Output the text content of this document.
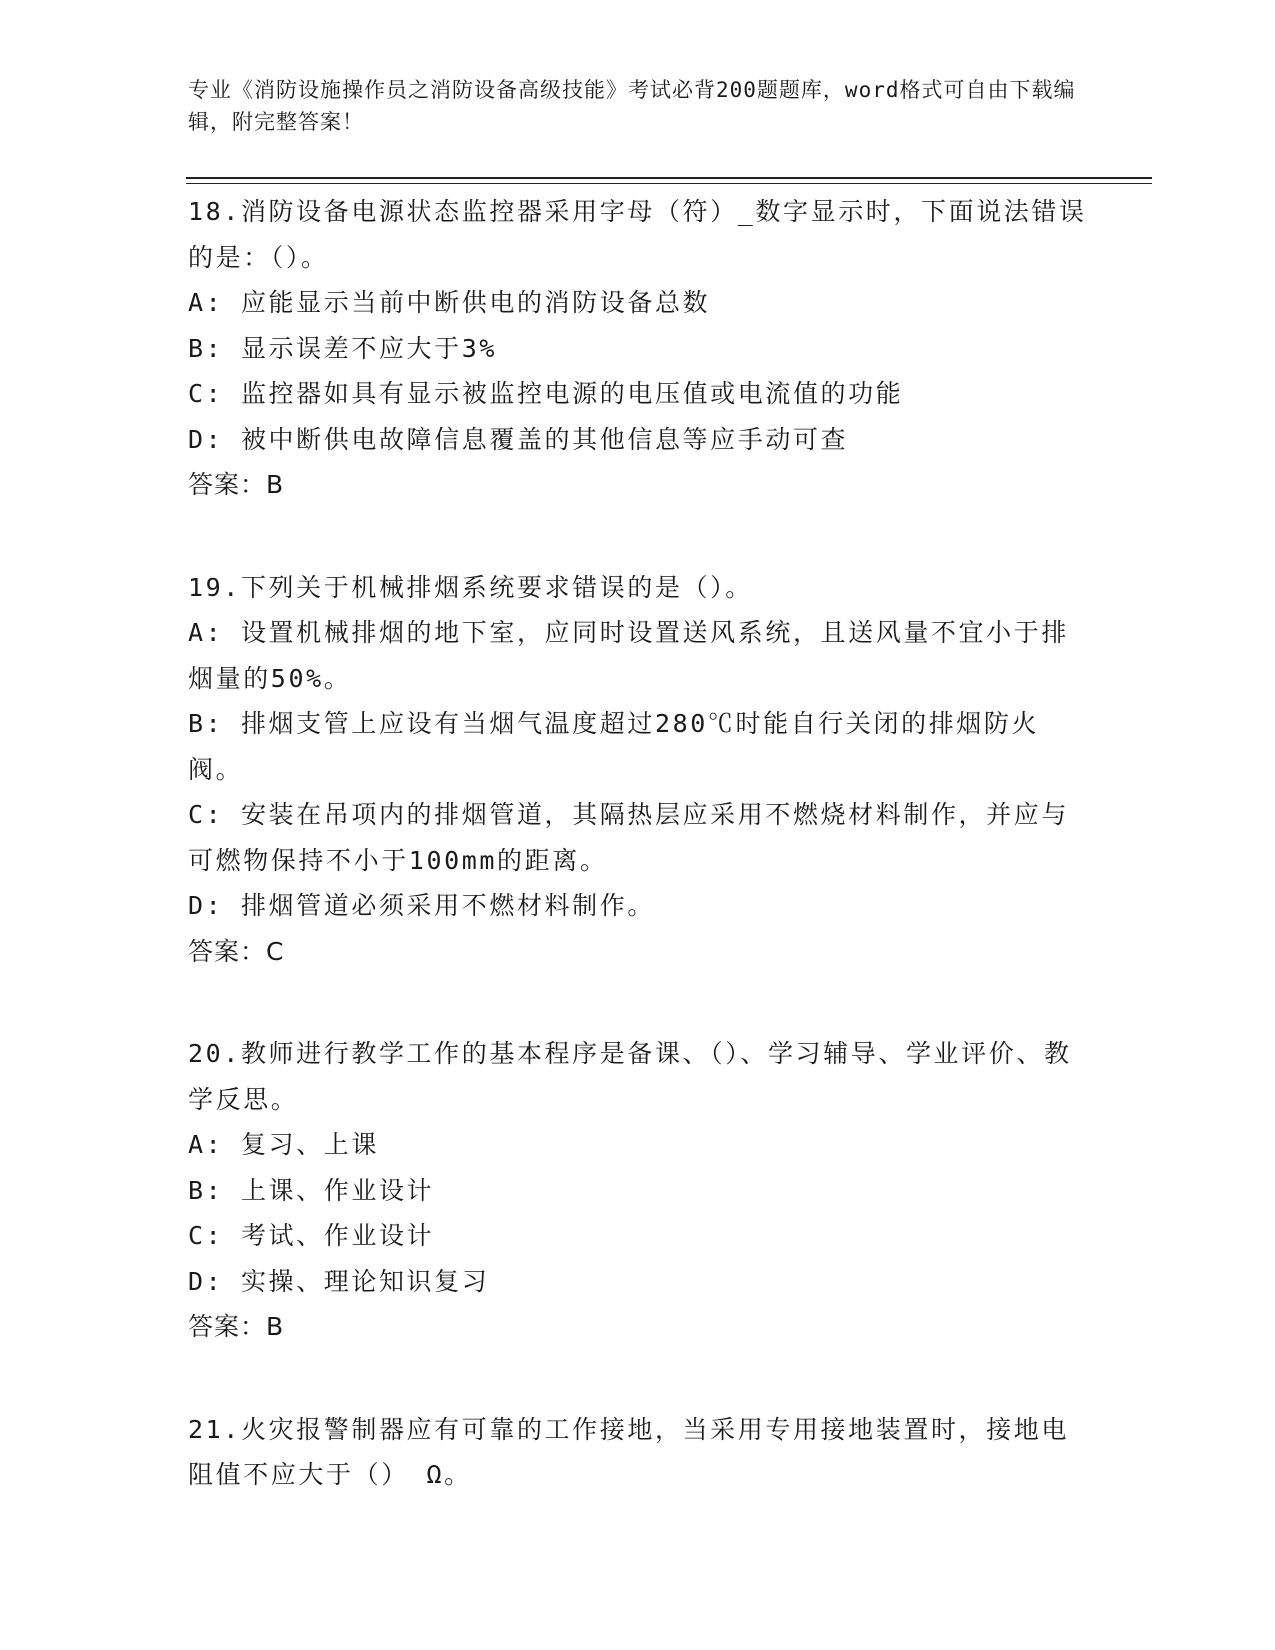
专业《消防设施操作员之消防设备高级技能》考试必背200题题库，word格式可自由下载编辑，附完整答案！
18.消防设备电源状态监控器采用字母（符）_数字显示时，下面说法错误的是：（）。
A: 应能显示当前中断供电的消防设备总数
B: 显示误差不应大于3%
C: 监控器如具有显示被监控电源的电压值或电流值的功能
D: 被中断供电故障信息覆盖的其他信息等应手动可查
答案：B
19.下列关于机械排烟系统要求错误的是（）。
A: 设置机械排烟的地下室，应同时设置送风系统，且送风量不宜小于排烟量的50%。
B: 排烟支管上应设有当烟气温度超过280℃时能自行关闭的排烟防火阀。
C: 安装在吊项内的排烟管道，其隔热层应采用不燃烧材料制作，并应与可燃物保持不小于100mm的距离。
D: 排烟管道必须采用不燃材料制作。
答案：C
20.教师进行教学工作的基本程序是备课、（）、学习辅导、学业评价、教学反思。
A: 复习、上课
B: 上课、作业设计
C: 考试、作业设计
D: 实操、理论知识复习
答案：B
21.火灾报警制器应有可靠的工作接地，当采用专用接地装置时，接地电阻值不应大于（） Ω。
